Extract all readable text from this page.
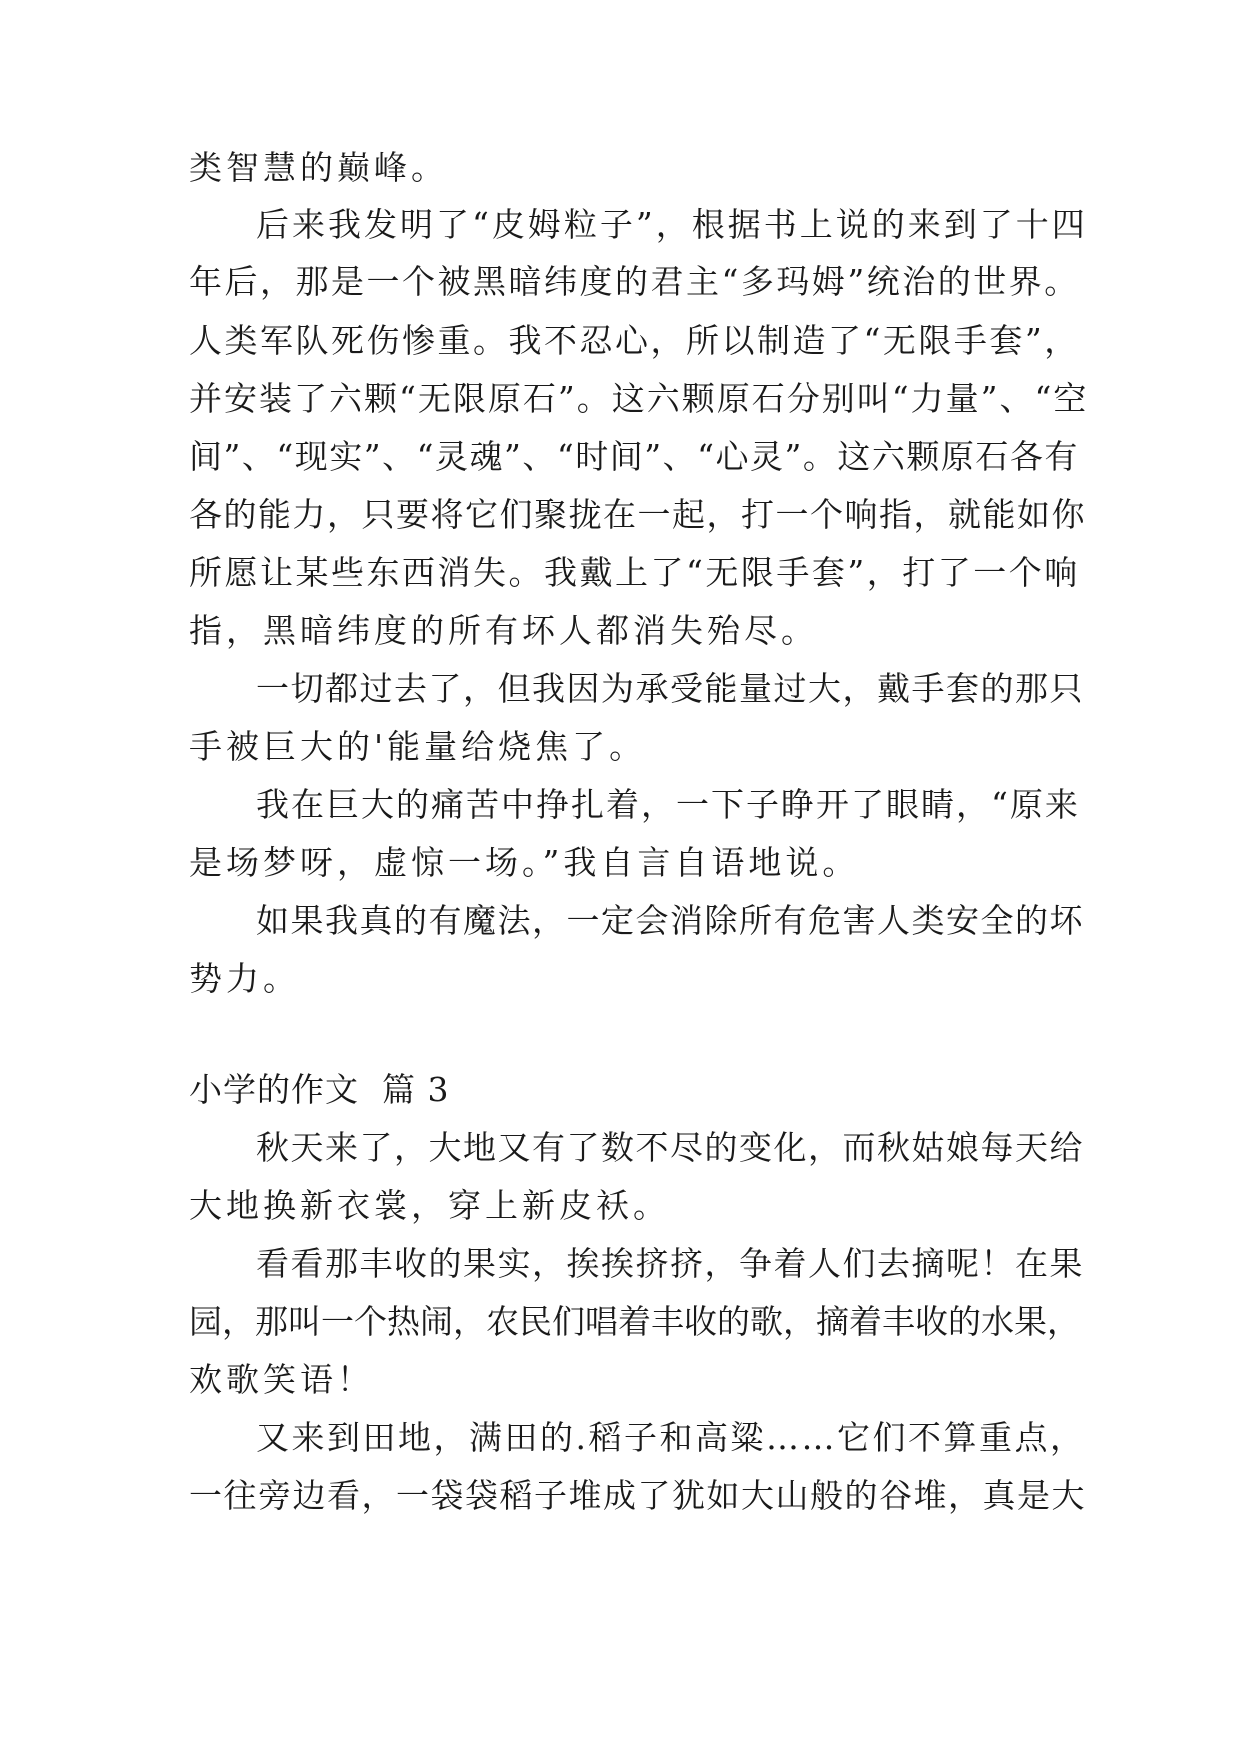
类智慧的巅峰。
后来我发明了“皮姆粒子”，根据书上说的来到了十四
年后，那是一个被黑暗纬度的君主“多玛姆”统治的世界。
人类军队死伤惨重。我不忍心，所以制造了“无限手套”，
并安装了六颗“无限原石”。这六颗原石分别叫“力量”、“空
间”、“现实”、“灵魂”、“时间”、“心灵”。这六颗原石各有
各的能力，只要将它们聚拢在一起，打一个响指，就能如你
所愿让某些东西消失。我戴上了“无限手套”，打了一个响
指，黑暗纬度的所有坏人都消失殆尽。
一切都过去了，但我因为承受能量过大，戴手套的那只
手被巨大的'能量给烧焦了。
我在巨大的痛苦中挣扎着，一下子睁开了眼睛，“原来
是场梦呀，虚惊一场。”我自言自语地说。
如果我真的有魔法，一定会消除所有危害人类安全的坏
势力。
小学的作文  篇 3
秋天来了，大地又有了数不尽的变化，而秋姑娘每天给
大地换新衣裳，穿上新皮袄。
看看那丰收的果实，挨挨挤挤，争着人们去摘呢！在果
园，那叫一个热闹，农民们唱着丰收的歌，摘着丰收的水果，
欢歌笑语！
又来到田地，满田的.稻子和高粱……它们不算重点，
一往旁边看，一袋袋稻子堆成了犹如大山般的谷堆，真是大
